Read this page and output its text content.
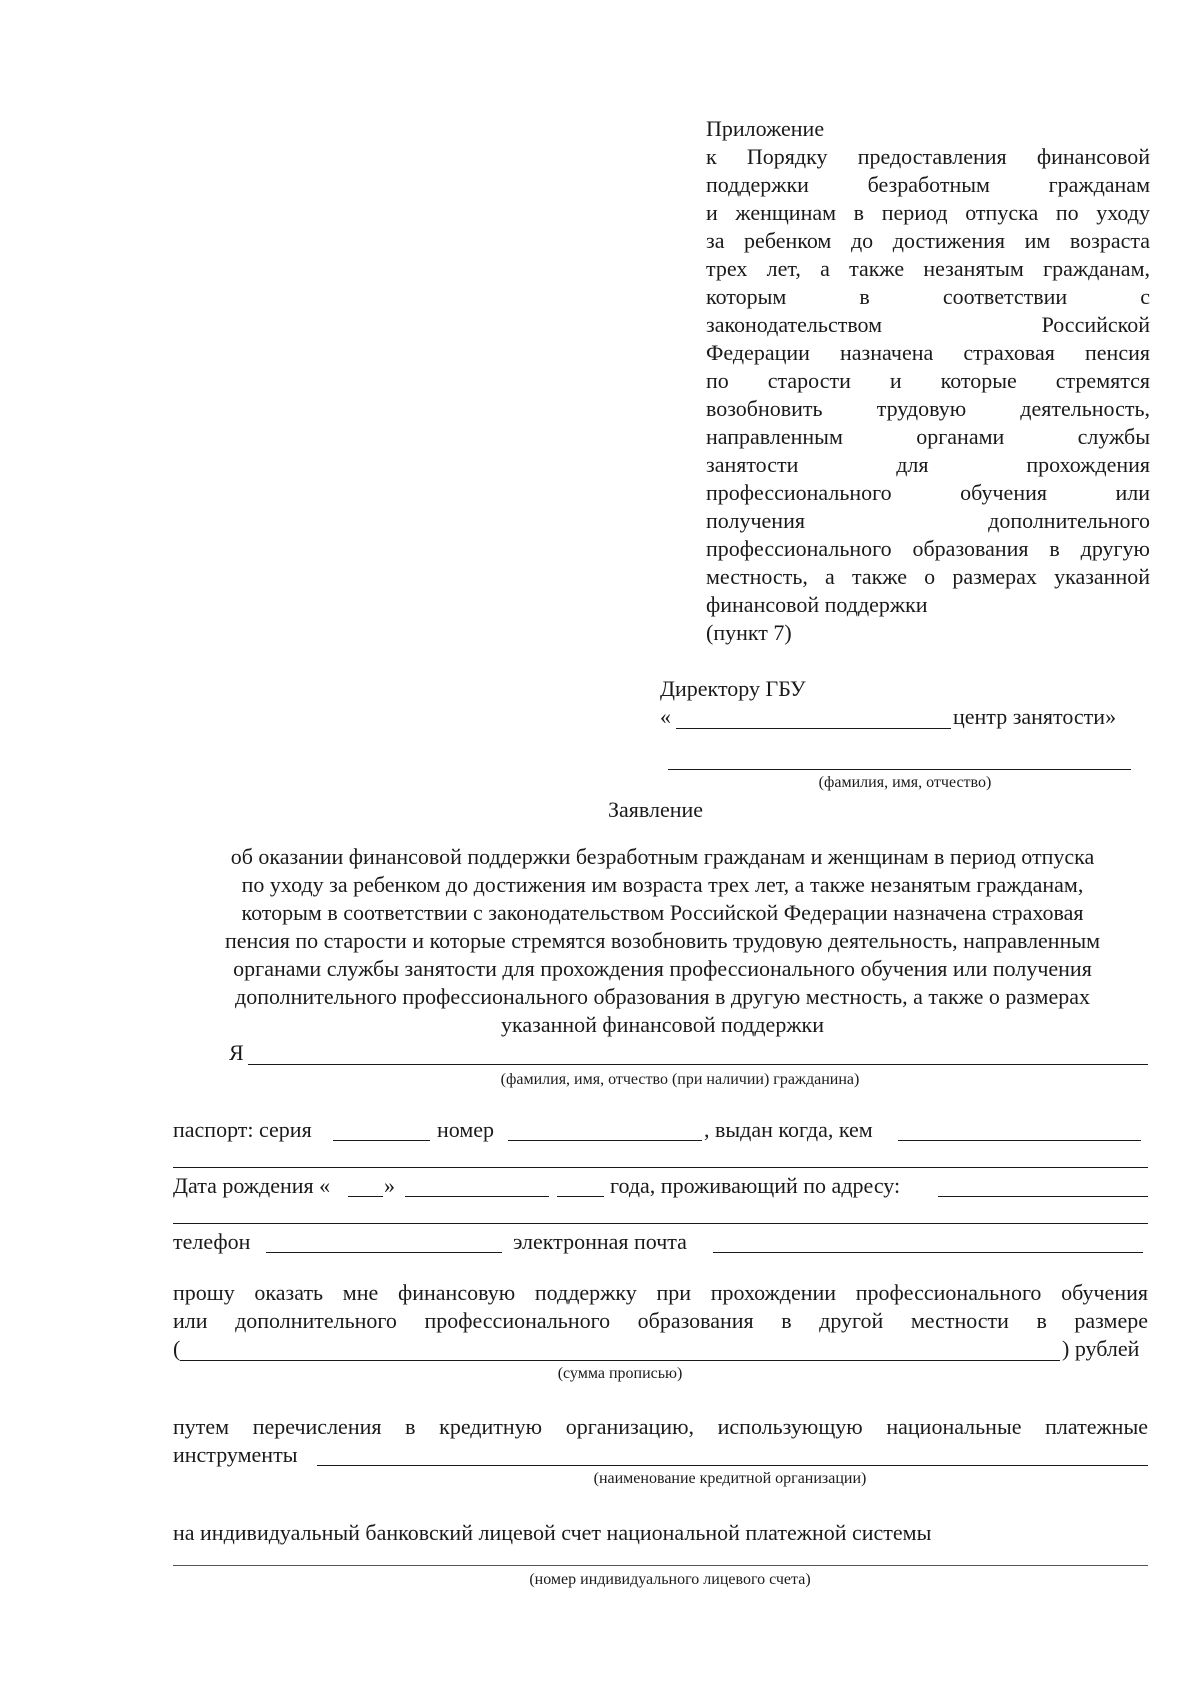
Приложение
к Порядку предоставления финансовой
поддержки безработным гражданам
и женщинам в период отпуска по уходу
за ребенком до достижения им возраста
трех лет, а также незанятым гражданам,
которым в соответствии с
законодательством Российской
Федерации назначена страховая пенсия
по старости и которые стремятся
возобновить трудовую деятельность,
направленным органами службы
занятости для прохождения
профессионального обучения или
получения дополнительного
профессионального образования в другую
местность, а также о размерах указанной
финансовой поддержки
(пункт 7)
Директору ГБУ
«	центр занятости»
(фамилия, имя, отчество)
Заявление
об оказании финансовой поддержки безработным гражданам и женщинам в период отпуска
по уходу за ребенком до достижения им возраста трех лет, а также незанятым гражданам,
которым в соответствии с законодательством Российской Федерации назначена страховая
пенсия по старости и которые стремятся возобновить трудовую деятельность, направленным
органами службы занятости для прохождения профессионального обучения или получения
дополнительного профессионального образования в другую местность, а также о размерах
указанной финансовой поддержки
Я
(фамилия, имя, отчество (при наличии) гражданина)
паспорт: серия	номер	, выдан когда, кем
Дата рождения « »	года, проживающий по адресу:
телефон	электронная почта
прошу оказать мне финансовую поддержку при прохождении профессионального обучения
или дополнительного профессионального образования в другой местности в размере
(	) рублей
(сумма прописью)
путем перечисления в кредитную организацию, использующую национальные платежные
инструменты
(наименование кредитной организации)
на индивидуальный банковский лицевой счет национальной платежной системы
(номер индивидуального лицевого счета)
